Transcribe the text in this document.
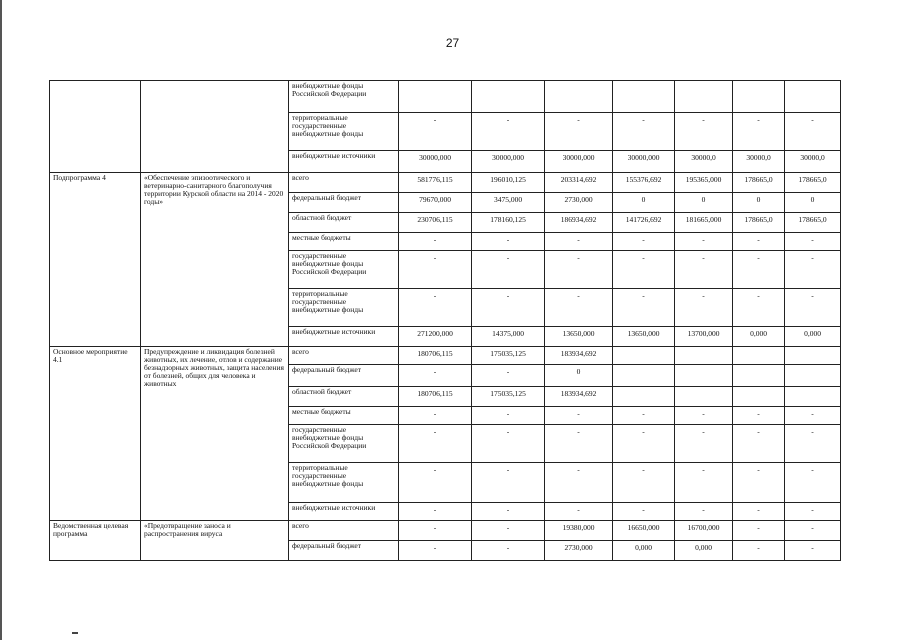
27
		внебюджетные фонды Российской Федерации							
		территориальные государственные внебюджетные фонды	-	-	-	-	-	-	-
		внебюджетные источники	30000,000	30000,000	30000,000	30000,000	30000,0	30000,0	30000,0
Подпрограмма 4	«Обеспечение эпизоотического и ветеринарно-санитарного благополучия территории Курской области на 2014 - 2020 годы»	всего	581776,115	196010,125	203314,692	155376,692	195365,000	178665,0	178665,0
		федеральный бюджет	79670,000	3475,000	2730,000	0	0	0	0
		областной бюджет	230706,115	178160,125	186934,692	141726,692	181665,000	178665,0	178665,0
		местные бюджеты	-	-	-	-	-	-	-
		государственные внебюджетные фонды Российской Федерации	-	-	-	-	-	-	-
		территориальные государственные внебюджетные фонды	-	-	-	-	-	-	-
		внебюджетные источники	271200,000	14375,000	13650,000	13650,000	13700,000	0,000	0,000
Основное мероприятие 4.1	Предупреждение и ликвидация болезней животных, их лечение, отлов и содержание безнадзорных животных, защита населения от болезней, общих для человека и животных	всего	180706,115	175035,125	183934,692				
		федеральный бюджет	-	-	0				
		областной бюджет	180706,115	175035,125	183934,692				
		местные бюджеты	-	-	-	-	-	-	-
		государственные внебюджетные фонды Российской Федерации	-	-	-	-	-	-	-
		территориальные государственные внебюджетные фонды	-	-	-	-	-	-	-
		внебюджетные источники	-	-	-	-	-	-	-
Ведомственная целевая программа	«Предотвращение заноса и распространения вируса	всего	-	-	19380,000	16650,000	16700,000	-	-
		федеральный бюджет	-	-	2730,000	0,000	0,000	-	-
